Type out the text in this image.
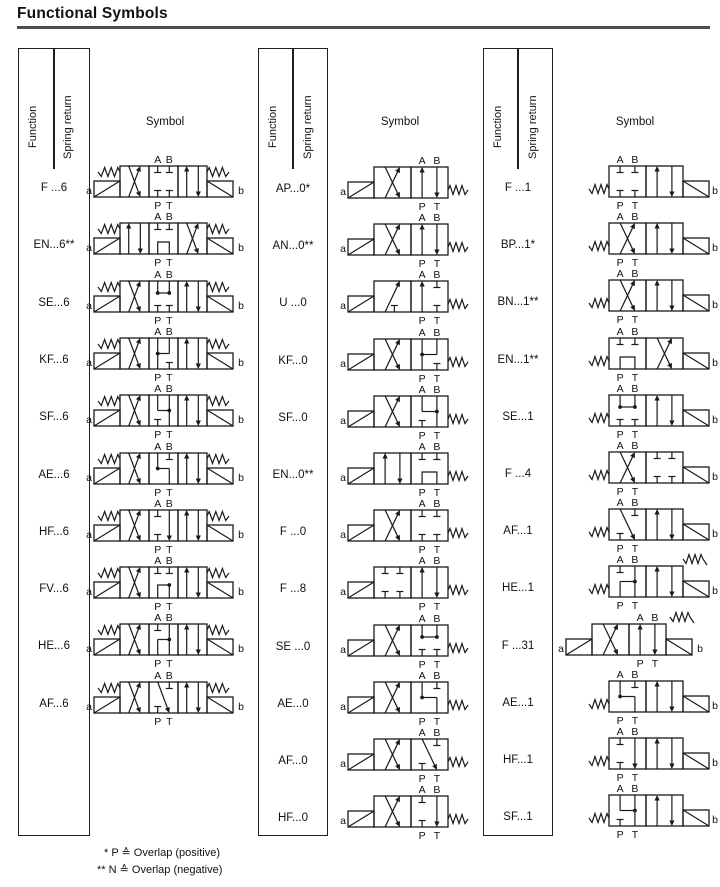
Functional Symbols
Function Spring return	Symbol	Function Spring return	Symbol	Function Spring return	Symbol
* P ≙ Overlap (positive)
** N ≙ Overlap (negative)
F ...6	a	b
A B
P T
EN...6**	a	b
A B
P T
SE...6	a	b
A B
P T
KF...6	a	b
A B
P T
SF...6	a	b
A B
P T
AE...6	a	b
A B
P T
HF...6	a	b
A B
P T
FV...6	a	b
A B
P T
HE...6	a	b
A B
P T
AF...6	a	b
A B
P T
AP...0*	a
A B
P T
AN...0**	a
A B
P T
U ...0	a
A B
P T
KF...0	a
A B
P T
SF...0	a
A B
P T
EN...0**	a
A B
P T
F ...0	a
A B
P T
F ...8	a
A B
P T
SE ...0	a
A B
P T
AE...0	a
A B
P T
AF...0	a
A B
P T
HF...0	a
A B
P T
F ...1	b
A B
P T
BP...1*	b
A B
P T
BN...1**	b
A B
P T
EN...1**	b
A B
P T
SE...1	b
A B
P T
F ...4	b
A B
P T
AF...1	b
A B
P T
HE...1	b
A B
P T
F ...31	a	b
A B
P T
AE...1	b
A B
P T
HF...1	b
A B
P T
SF...1	b
A B
P T
